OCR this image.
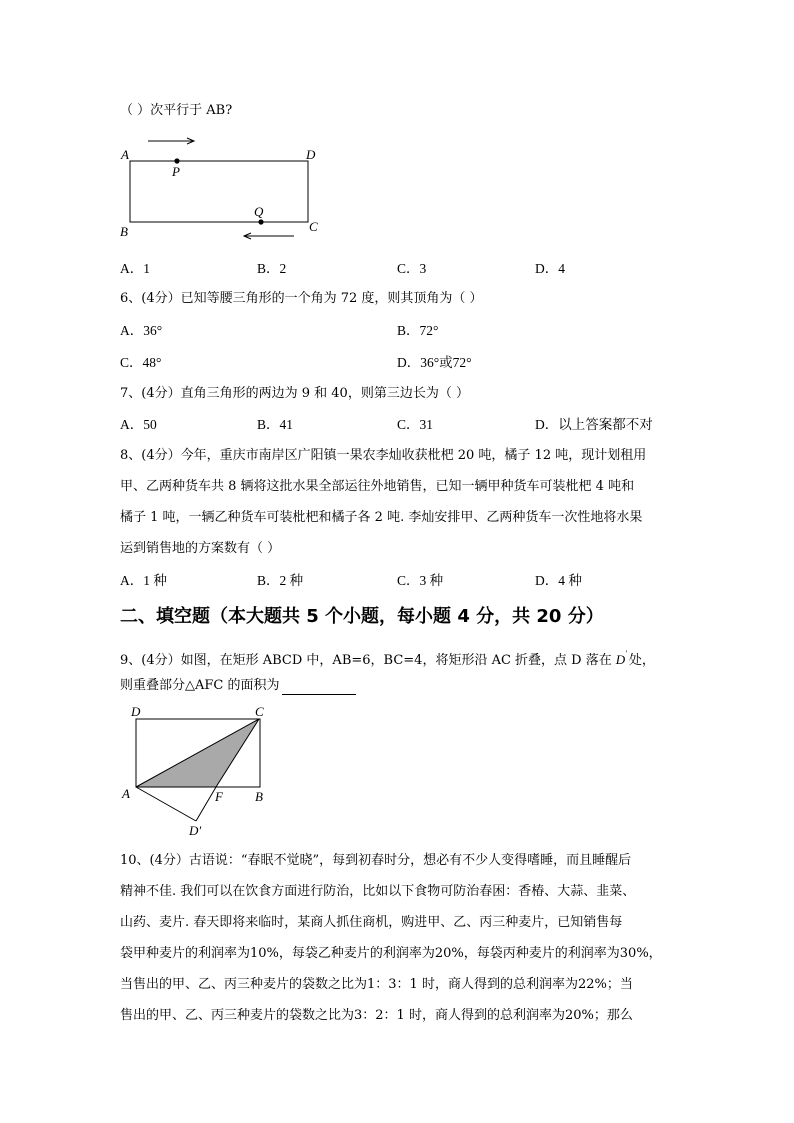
（ ）次平行于 AB?
A	D
P
Q
B	C
A．1	B．2	C．3	D．4
6、(4分）已知等腰三角形的一个角为 72 度，则其顶角为（ ）
A．36°	B．72°
C．48°	D．36°或72°
7、(4分）直角三角形的两边为 9 和 40，则第三边长为（ ）
A．50	B．41	C．31	D．以上答案都不对
8、(4分）今年，重庆市南岸区广阳镇一果农李灿收获枇杷 20 吨，橘子 12 吨，现计划租用
甲、乙两种货车共 8 辆将这批水果全部运往外地销售，已知一辆甲种货车可装枇杷 4 吨和
橘子 1 吨，一辆乙种货车可装枇杷和橘子各 2 吨. 李灿安排甲、乙两种货车一次性地将水果
运到销售地的方案数有（ ）
A．1 种	B．2 种	C．3 种	D．4 种
二、填空题（本大题共 5 个小题，每小题 4 分，共 20 分）
9、(4分）如图，在矩形 ABCD 中，AB=6，BC=4，将矩形沿 AC 折叠，点 D 落在 D′ 处，
则重叠部分△AFC 的面积为
D	C
A	F B
D′
10、(4分）古语说：“春眠不觉晓”，每到初春时分，想必有不少人变得嗜睡，而且睡醒后
精神不佳. 我们可以在饮食方面进行防治，比如以下食物可防治春困：香椿、大蒜、韭菜、
山药、麦片. 春天即将来临时，某商人抓住商机，购进甲、乙、丙三种麦片，已知销售每
袋甲种麦片的利润率为10%，每袋乙种麦片的利润率为20%，每袋丙种麦片的利润率为30%，
当售出的甲、乙、丙三种麦片的袋数之比为1：3：1 时，商人得到的总利润率为22%；当
售出的甲、乙、丙三种麦片的袋数之比为3：2：1 时，商人得到的总利润率为20%；那么
